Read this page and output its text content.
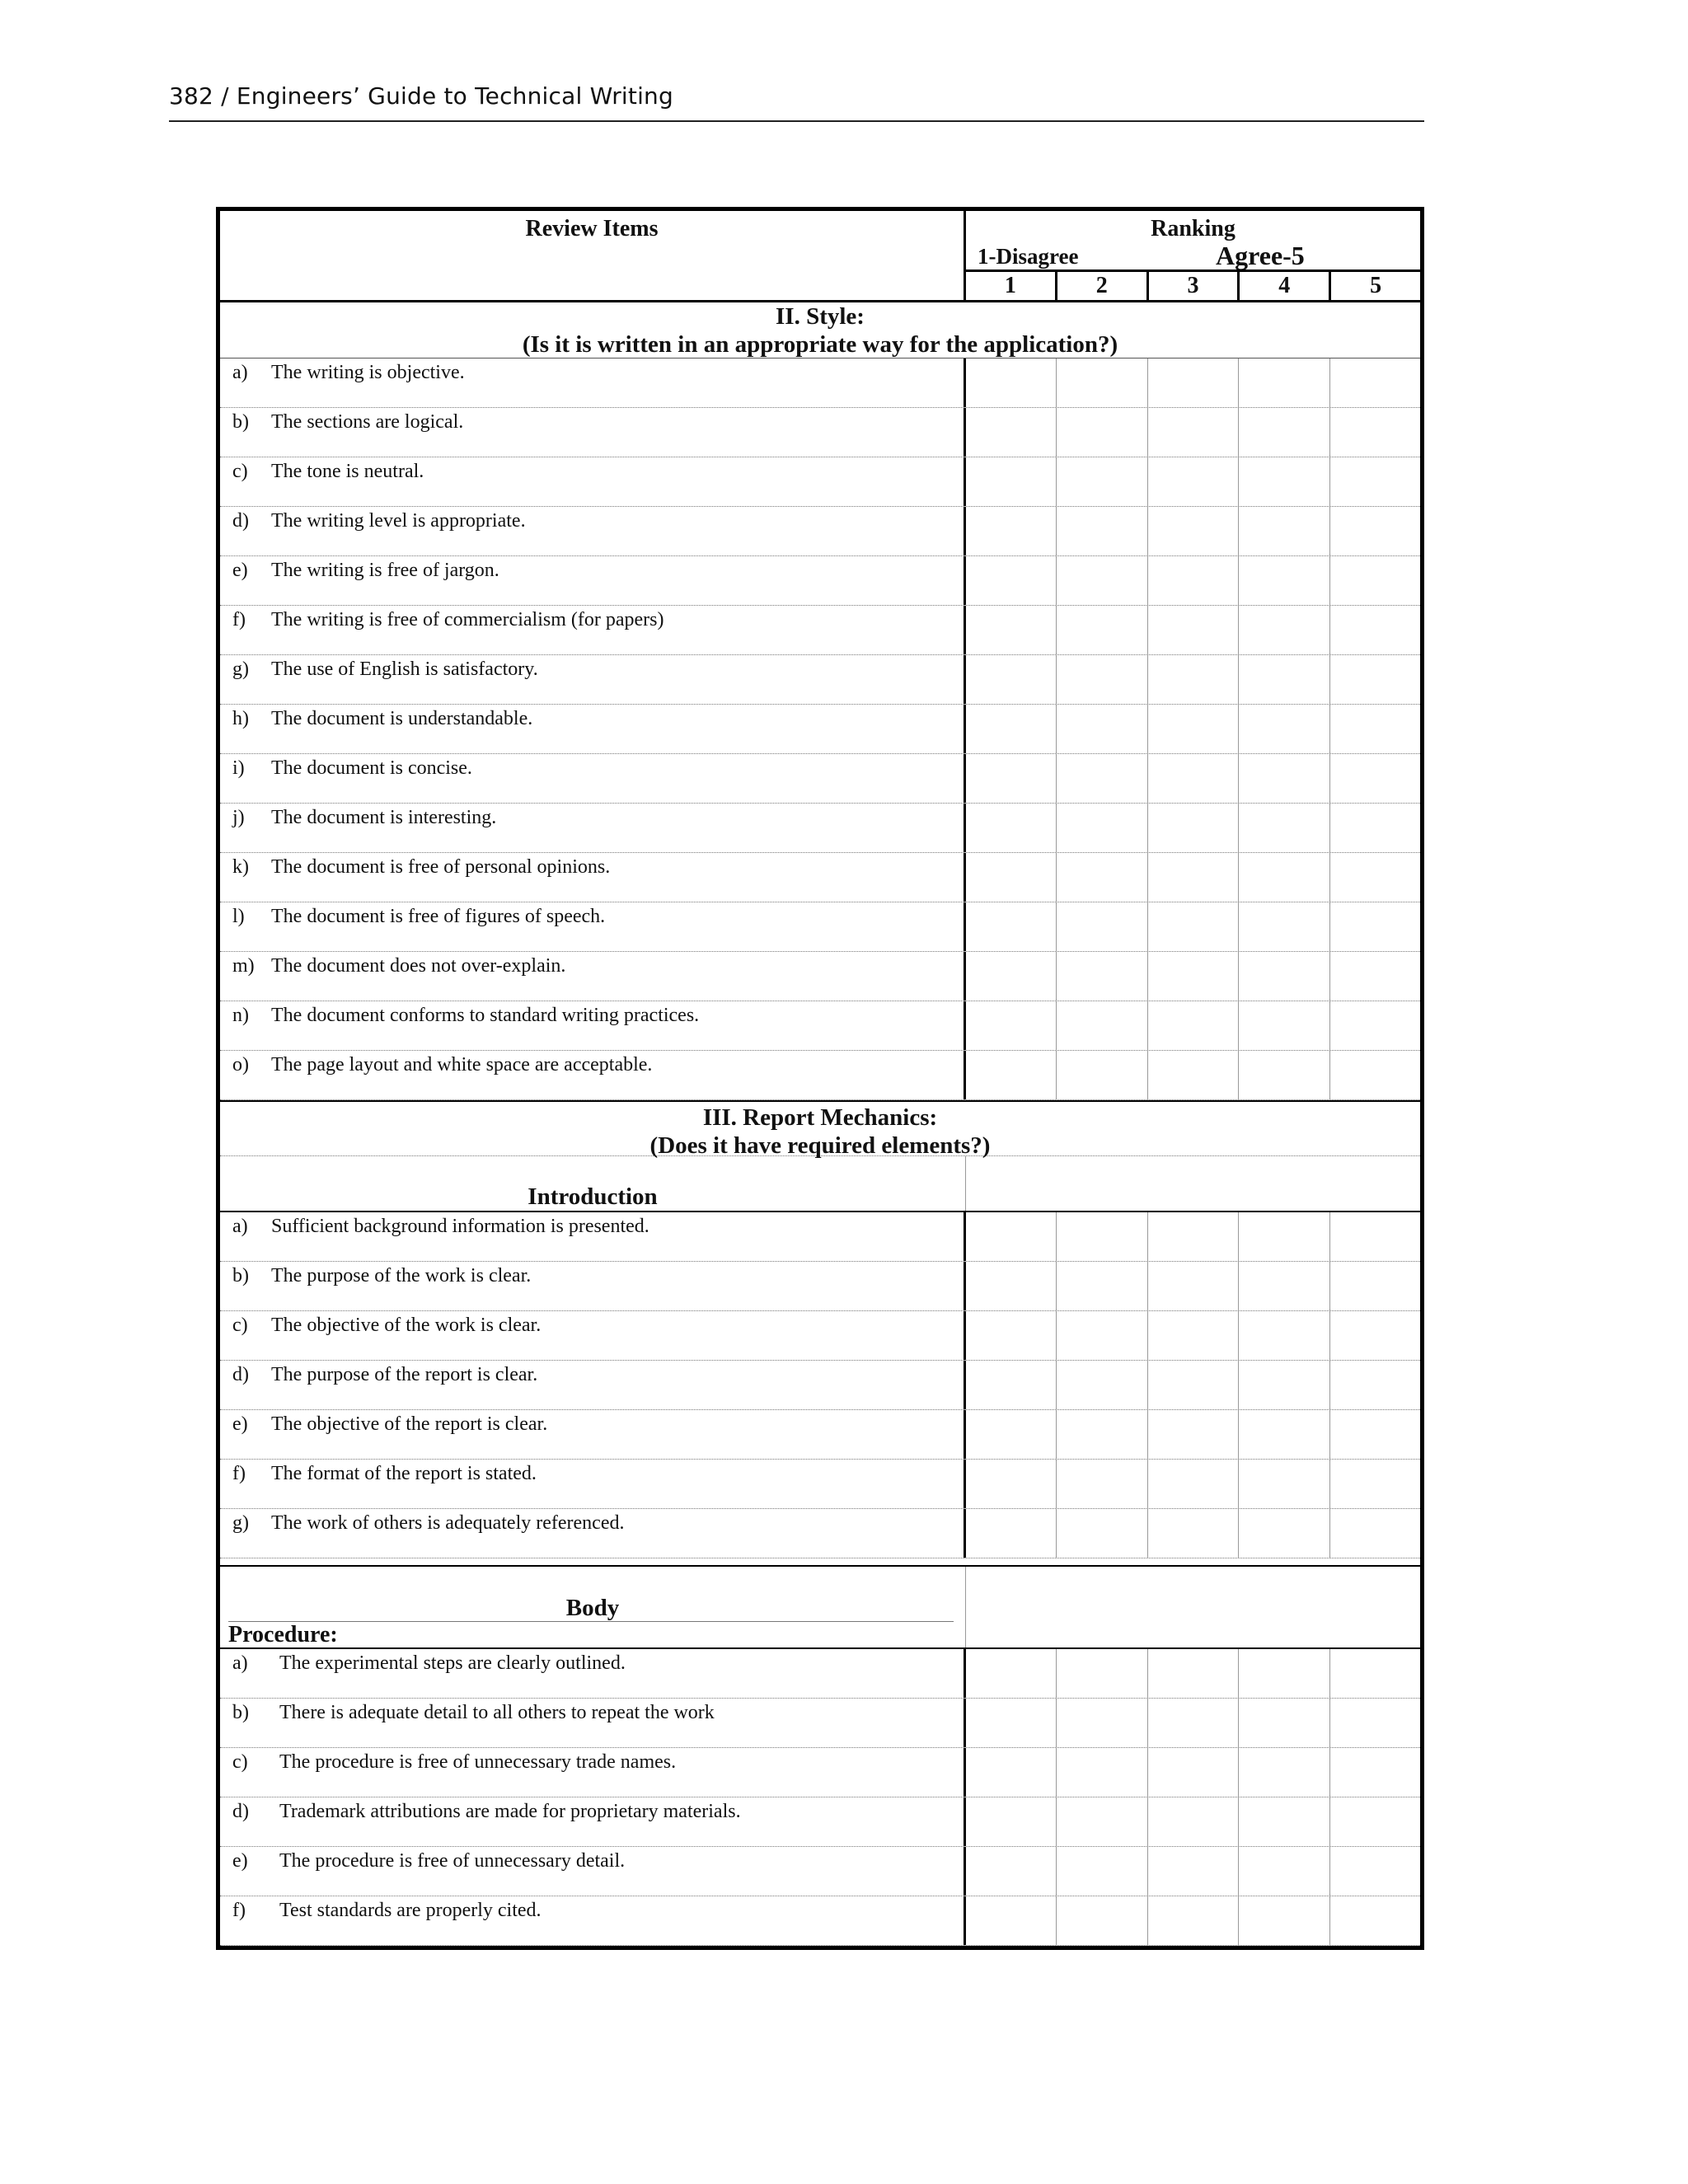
382 / Engineers’ Guide to Technical Writing
Review Items	Ranking
1-Disagree	Agree-5
1	2	3	4	5
II. Style:
(Is it is written in an appropriate way for the application?)
a) The writing is objective.
b) The sections are logical.
c) The tone is neutral.
d) The writing level is appropriate.
e) The writing is free of jargon.
f) The writing is free of commercialism (for papers)
g) The use of English is satisfactory.
h) The document is understandable.
i) The document is concise.
j) The document is interesting.
k) The document is free of personal opinions.
l) The document is free of figures of speech.
m) The document does not over-explain.
n) The document conforms to standard writing practices.
o) The page layout and white space are acceptable.
III. Report Mechanics:
(Does it have required elements?)
Introduction
a) Sufficient background information is presented.
b) The purpose of the work is clear.
c) The objective of the work is clear.
d) The purpose of the report is clear.
e) The objective of the report is clear.
f) The format of the report is stated.
g) The work of others is adequately referenced.
Body
Procedure:
a) The experimental steps are clearly outlined.
b) There is adequate detail to all others to repeat the work
c) The procedure is free of unnecessary trade names.
d) Trademark attributions are made for proprietary materials.
e) The procedure is free of unnecessary detail.
f) Test standards are properly cited.
